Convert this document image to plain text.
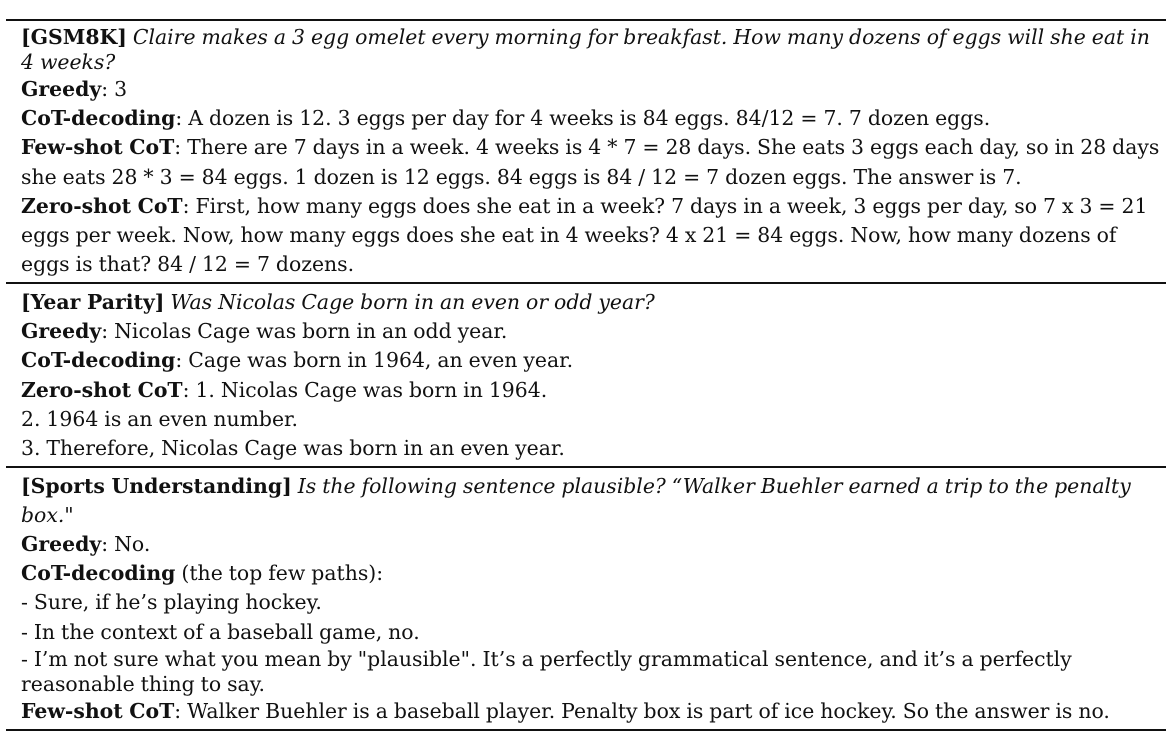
[GSM8K] Claire makes a 3 egg omelet every morning for breakfast. How many dozens of eggs will she eat in 4 weeks?
Greedy: 3
CoT-decoding: A dozen is 12. 3 eggs per day for 4 weeks is 84 eggs. 84/12 = 7. 7 dozen eggs.
Few-shot CoT: There are 7 days in a week. 4 weeks is 4 * 7 = 28 days. She eats 3 eggs each day, so in 28 days she eats 28 * 3 = 84 eggs. 1 dozen is 12 eggs. 84 eggs is 84 / 12 = 7 dozen eggs. The answer is 7.
Zero-shot CoT: First, how many eggs does she eat in a week? 7 days in a week, 3 eggs per day, so 7 x 3 = 21 eggs per week. Now, how many eggs does she eat in 4 weeks? 4 x 21 = 84 eggs. Now, how many dozens of eggs is that? 84 / 12 = 7 dozens.
[Year Parity] Was Nicolas Cage born in an even or odd year?
Greedy: Nicolas Cage was born in an odd year.
CoT-decoding: Cage was born in 1964, an even year.
Zero-shot CoT: 1. Nicolas Cage was born in 1964.
2. 1964 is an even number.
3. Therefore, Nicolas Cage was born in an even year.
[Sports Understanding] Is the following sentence plausible? “Walker Buehler earned a trip to the penalty box."
Greedy: No.
CoT-decoding (the top few paths):
- Sure, if he’s playing hockey.
- In the context of a baseball game, no.
- I’m not sure what you mean by "plausible". It’s a perfectly grammatical sentence, and it’s a perfectly reasonable thing to say.
Few-shot CoT: Walker Buehler is a baseball player. Penalty box is part of ice hockey. So the answer is no.
